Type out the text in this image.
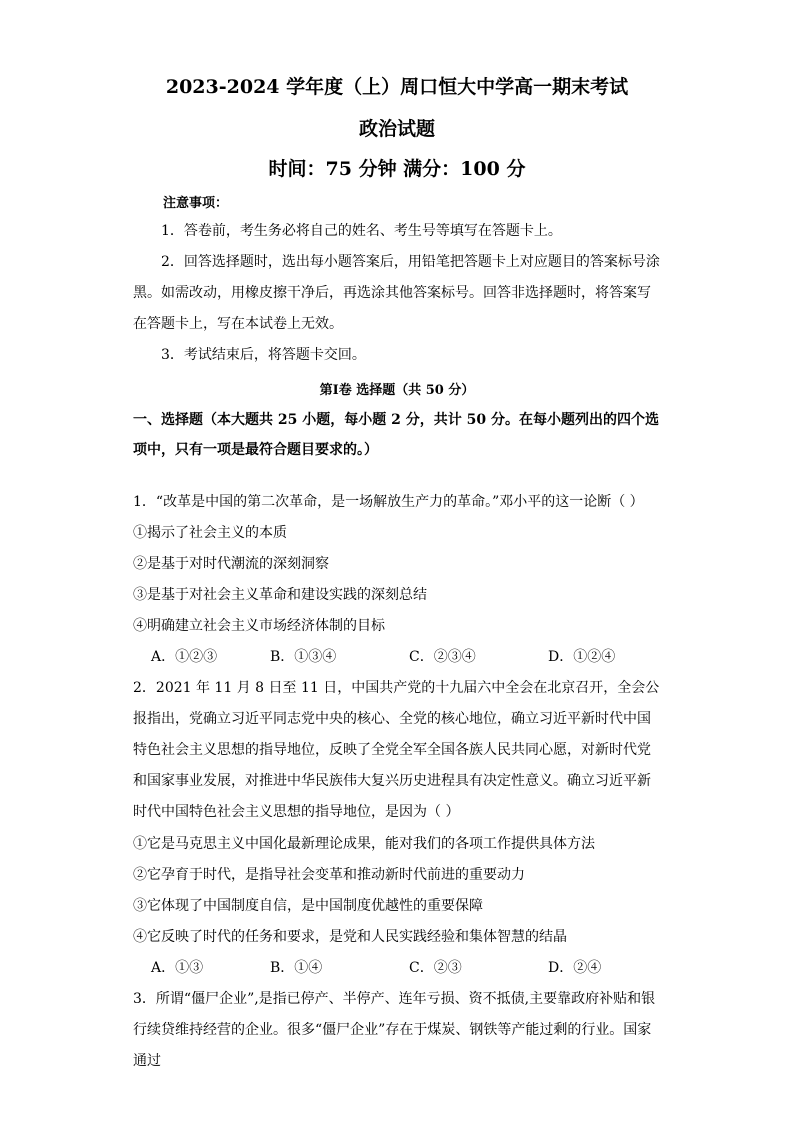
2023-2024 学年度（上）周口恒大中学高一期末考试
政治试题
时间：75 分钟 满分：100 分
注意事项：
1．答卷前，考生务必将自己的姓名、考生号等填写在答题卡上。
2．回答选择题时，选出每小题答案后，用铅笔把答题卡上对应题目的答案标号涂黑。如需改动，用橡皮擦干净后，再选涂其他答案标号。回答非选择题时，将答案写在答题卡上，写在本试卷上无效。
3．考试结束后，将答题卡交回。
第Ⅰ卷 选择题（共 50 分）
一、选择题（本大题共 25 小题，每小题 2 分，共计 50 分。在每小题列出的四个选项中，只有一项是最符合题目要求的。）
1．“改革是中国的第二次革命，是一场解放生产力的革命。”邓小平的这一论断（ ）
①揭示了社会主义的本质
②是基于对时代潮流的深刻洞察
③是基于对社会主义革命和建设实践的深刻总结
④明确建立社会主义市场经济体制的目标
A．①②③	B．①③④	C．②③④	D．①②④
2．2021 年 11 月 8 日至 11 日，中国共产党的十九届六中全会在北京召开，全会公报指出，党确立习近平同志党中央的核心、全党的核心地位，确立习近平新时代中国特色社会主义思想的指导地位，反映了全党全军全国各族人民共同心愿，对新时代党和国家事业发展，对推进中华民族伟大复兴历史进程具有决定性意义。确立习近平新时代中国特色社会主义思想的指导地位，是因为（ ）
①它是马克思主义中国化最新理论成果，能对我们的各项工作提供具体方法
②它孕育于时代，是指导社会变革和推动新时代前进的重要动力
③它体现了中国制度自信，是中国制度优越性的重要保障
④它反映了时代的任务和要求，是党和人民实践经验和集体智慧的结晶
A．①③	B．①④	C．②③	D．②④
3．所谓“僵尸企业”,是指已停产、半停产、连年亏损、资不抵债,主要靠政府补贴和银行续贷维持经营的企业。很多“僵尸企业”存在于煤炭、钢铁等产能过剩的行业。国家通过
